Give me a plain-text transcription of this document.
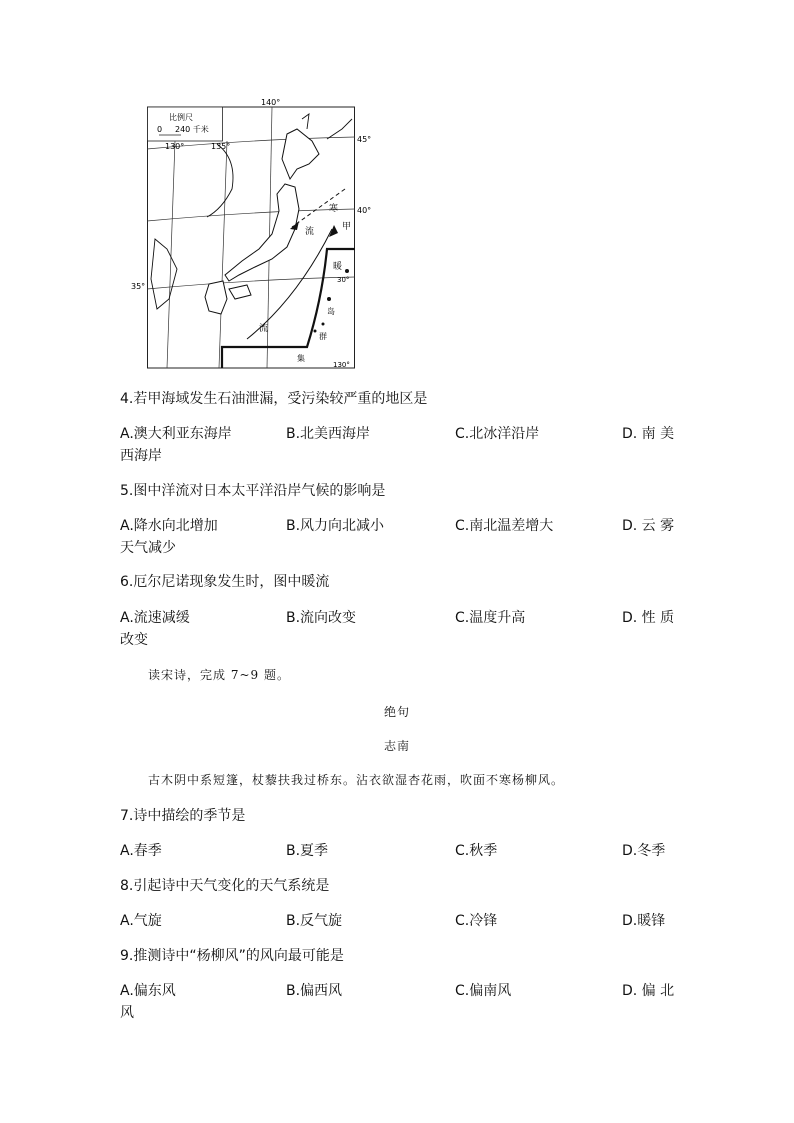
比例尺
0 240 千米
140°
130°	135°
45°
40°
35°
寒
甲
流
暖
流
30°
130°
岛
集
群
4.若甲海域发生石油泄漏，受污染较严重的地区是
A.澳大利亚东海岸	B.北美西海岸	C.北冰洋沿岸	D. 南 美
西海岸
5.图中洋流对日本太平洋沿岸气候的影响是
A.降水向北增加	B.风力向北减小	C.南北温差增大	D. 云 雾
天气减少
6.厄尔尼诺现象发生时，图中暖流
A.流速减缓	B.流向改变	C.温度升高	D. 性 质
改变
读宋诗，完成 7~9 题。
绝句
志南
古木阴中系短篷，杖藜扶我过桥东。沾衣欲湿杏花雨，吹面不寒杨柳风。
7.诗中描绘的季节是
A.春季	B.夏季	C.秋季	D.冬季
8.引起诗中天气变化的天气系统是
A.气旋	B.反气旋	C.冷锋	D.暖锋
9.推测诗中“杨柳风”的风向最可能是
A.偏东风	B.偏西风	C.偏南风	D. 偏 北
风
